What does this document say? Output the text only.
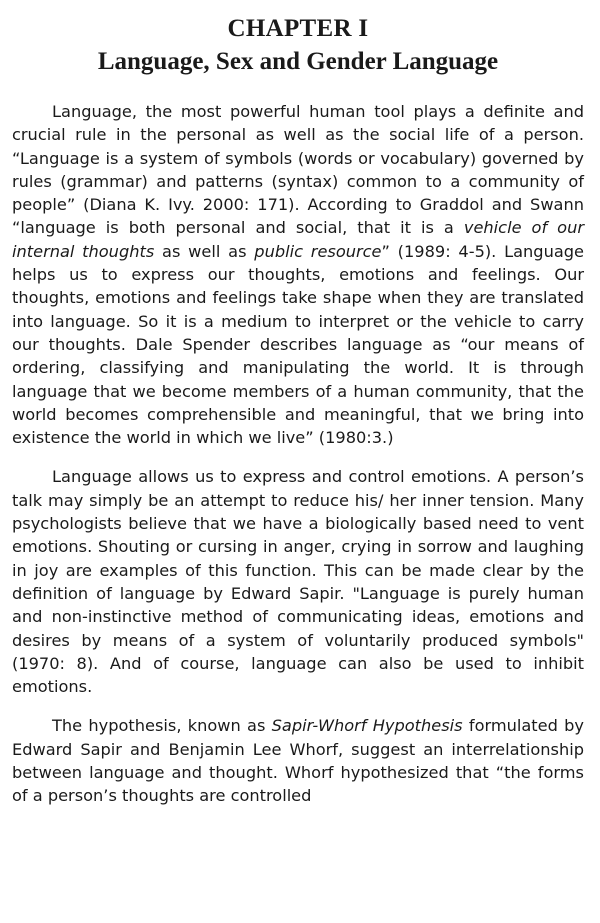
CHAPTER I
Language, Sex and Gender Language

Language, the most powerful human tool plays a definite and crucial rule in the personal as well as the social life of a person. “Language is a system of symbols (words or vocabulary) governed by rules (grammar) and patterns (syntax) common to a community of people” (Diana K. Ivy. 2000: 171). According to Graddol and Swann “language is both personal and social, that it is a vehicle of our internal thoughts as well as public resource” (1989: 4-5). Language helps us to express our thoughts, emotions and feelings. Our thoughts, emotions and feelings take shape when they are translated into language. So it is a medium to interpret or the vehicle to carry our thoughts. Dale Spender describes language as “our means of ordering, classifying and manipulating the world. It is through language that we become members of a human community, that the world becomes comprehensible and meaningful, that we bring into existence the world in which we live” (1980:3.)

Language allows us to express and control emotions. A person’s talk may simply be an attempt to reduce his/ her inner tension. Many psychologists believe that we have a biologically based need to vent emotions. Shouting or cursing in anger, crying in sorrow and laughing in joy are examples of this function. This can be made clear by the definition of language by Edward Sapir. "Language is purely human and non-instinctive method of communicating ideas, emotions and desires by means of a system of voluntarily produced symbols" (1970: 8). And of course, language can also be used to inhibit emotions.

The hypothesis, known as Sapir-Whorf Hypothesis formulated by Edward Sapir and Benjamin Lee Whorf, suggest an interrelationship between language and thought. Whorf hypothesized that “the forms of a person’s thoughts are controlled
